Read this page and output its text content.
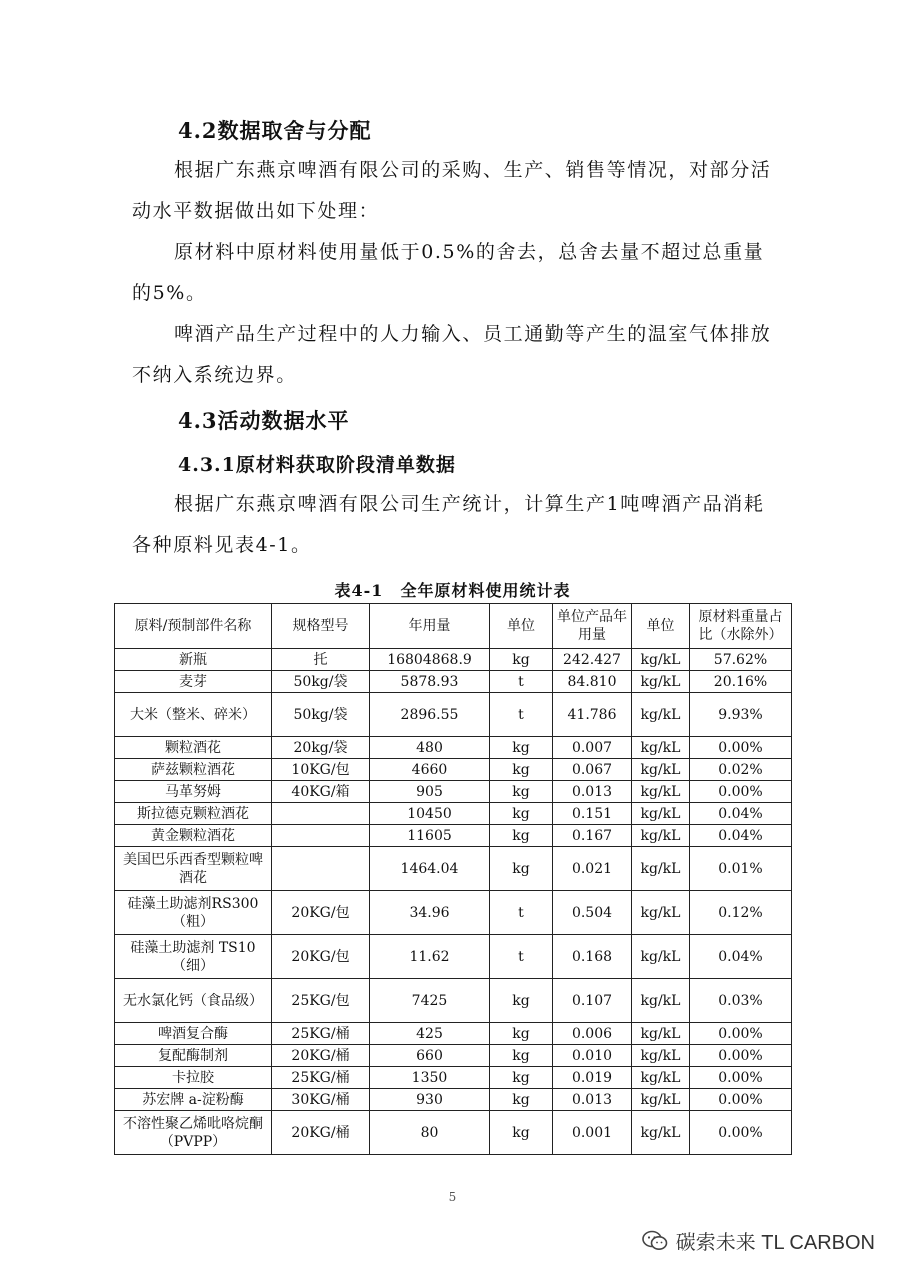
4.2数据取舍与分配

根据广东燕京啤酒有限公司的采购、生产、销售等情况，对部分活动水平数据做出如下处理：

原材料中原材料使用量低于0.5%的舍去，总舍去量不超过总重量的5%。

啤酒产品生产过程中的人力输入、员工通勤等产生的温室气体排放不纳入系统边界。

4.3活动数据水平
4.3.1原材料获取阶段清单数据

根据广东燕京啤酒有限公司生产统计，计算生产1吨啤酒产品消耗各种原料见表4-1。

表4-1　全年原材料使用统计表
原料/预制部件名称	规格型号	年用量	单位	单位产品年用量	单位	原材料重量占比（水除外）
新瓶	托	16804868.9	kg	242.427	kg/kL	57.62%
麦芽	50kg/袋	5878.93	t	84.810	kg/kL	20.16%
大米（整米、碎米）	50kg/袋	2896.55	t	41.786	kg/kL	9.93%
颗粒酒花	20kg/袋	480	kg	0.007	kg/kL	0.00%
萨兹颗粒酒花	10KG/包	4660	kg	0.067	kg/kL	0.02%
马革努姆	40KG/箱	905	kg	0.013	kg/kL	0.00%
斯拉德克颗粒酒花		10450	kg	0.151	kg/kL	0.04%
黄金颗粒酒花		11605	kg	0.167	kg/kL	0.04%
美国巴乐西香型颗粒啤酒花		1464.04	kg	0.021	kg/kL	0.01%
硅藻土助滤剂RS300（粗）	20KG/包	34.96	t	0.504	kg/kL	0.12%
硅藻土助滤剂 TS10（细）	20KG/包	11.62	t	0.168	kg/kL	0.04%
无水氯化钙（食品级）	25KG/包	7425	kg	0.107	kg/kL	0.03%
啤酒复合酶	25KG/桶	425	kg	0.006	kg/kL	0.00%
复配酶制剂	20KG/桶	660	kg	0.010	kg/kL	0.00%
卡拉胶	25KG/桶	1350	kg	0.019	kg/kL	0.00%
苏宏牌 a-淀粉酶	30KG/桶	930	kg	0.013	kg/kL	0.00%
不溶性聚乙烯吡咯烷酮（PVPP）	20KG/桶	80	kg	0.001	kg/kL	0.00%
5
碳索未来 TL CARBON
